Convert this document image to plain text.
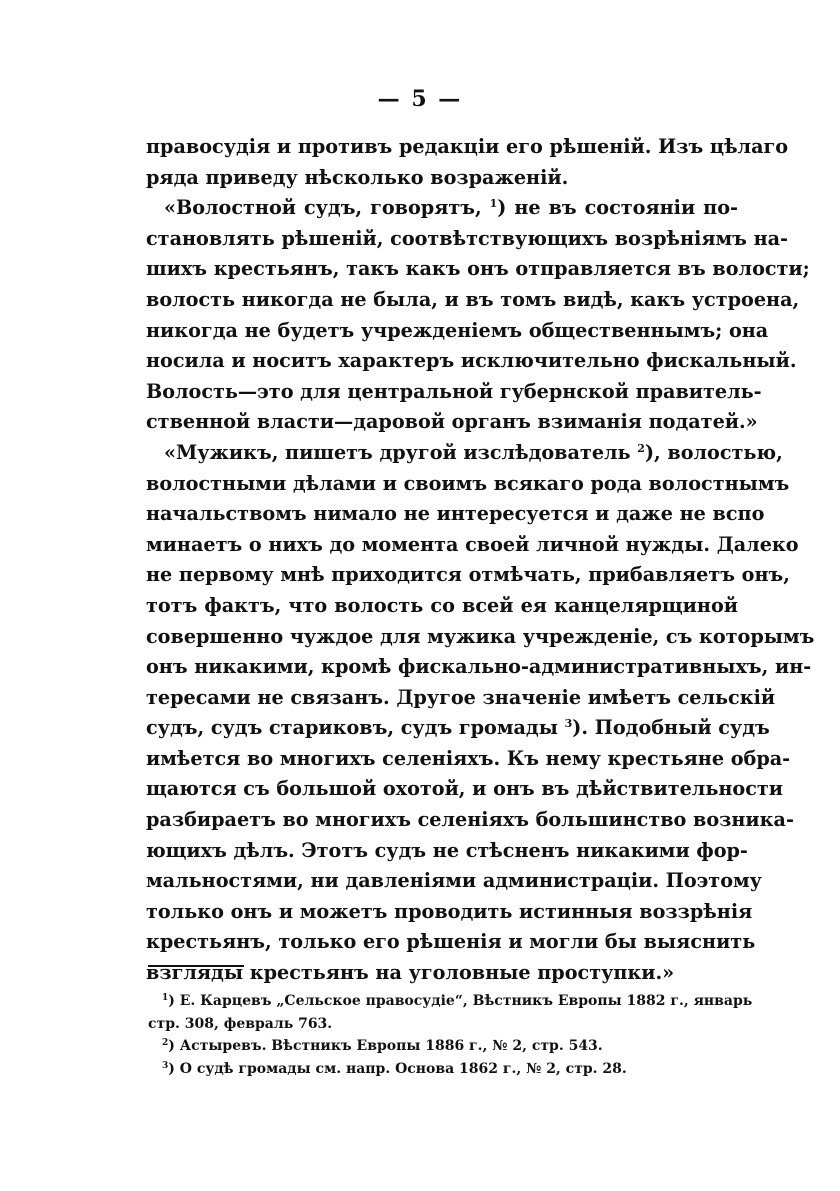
— 5 —
правосудія и противъ редакціи его рѣшеній. Изъ цѣлаго
ряда приведу нѣсколько возраженій.
«Волостной судъ, говорятъ, $^1$) не въ состояніи по-
становлять рѣшеній, соотвѣтствующихъ возрѣніямъ на-
шихъ крестьянъ, такъ какъ онъ отправляется въ волости;
волость никогда не была, и въ томъ видѣ, какъ устроена,
никогда не будетъ учрежденіемъ общественнымъ; она
носила и носитъ характеръ исключительно фискальный.
Волость—это для центральной губернской правитель-
ственной власти—даровой органъ взиманія податей.»
«Мужикъ, пишетъ другой изслѣдователь $^2$), волостью,
волостными дѣлами и своимъ всякаго рода волостнымъ
начальствомъ нимало не интересуется и даже не вспо
минаетъ о нихъ до момента своей личной нужды. Далеко
не первому мнѣ приходится отмѣчать, прибавляетъ онъ,
тотъ фактъ, что волость со всей ея канцелярщиной
совершенно чуждое для мужика учрежденіе, съ которымъ
онъ никакими, кромѣ фискально-административныхъ, ин-
тересами не связанъ. Другое значеніе имѣетъ сельскій
судъ, судъ стариковъ, судъ громады $^3$). Подобный судъ
имѣется во многихъ селеніяхъ. Къ нему крестьяне обра-
щаются съ большой охотой, и онъ въ дѣйствительности
разбираетъ во многихъ селеніяхъ большинство возника-
ющихъ дѣлъ. Этотъ судъ не стѣсненъ никакими фор-
мальностями, ни давленіями администраціи. Поэтому
только онъ и можетъ проводить истинныя воззрѣнія
крестьянъ, только его рѣшенія и могли бы выяснить
взгляды крестьянъ на уголовные проступки.»
$^1$) Е. Карцевъ „Сельское правосудіе“, Вѣстникъ Европы 1882 г., январь
стр. 308, февраль 763.
$^2$) Астыревъ. Вѣстникъ Европы 1886 г., № 2, стр. 543.
$^3$) О судѣ громады см. напр. Основа 1862 г., № 2, стр. 28.
